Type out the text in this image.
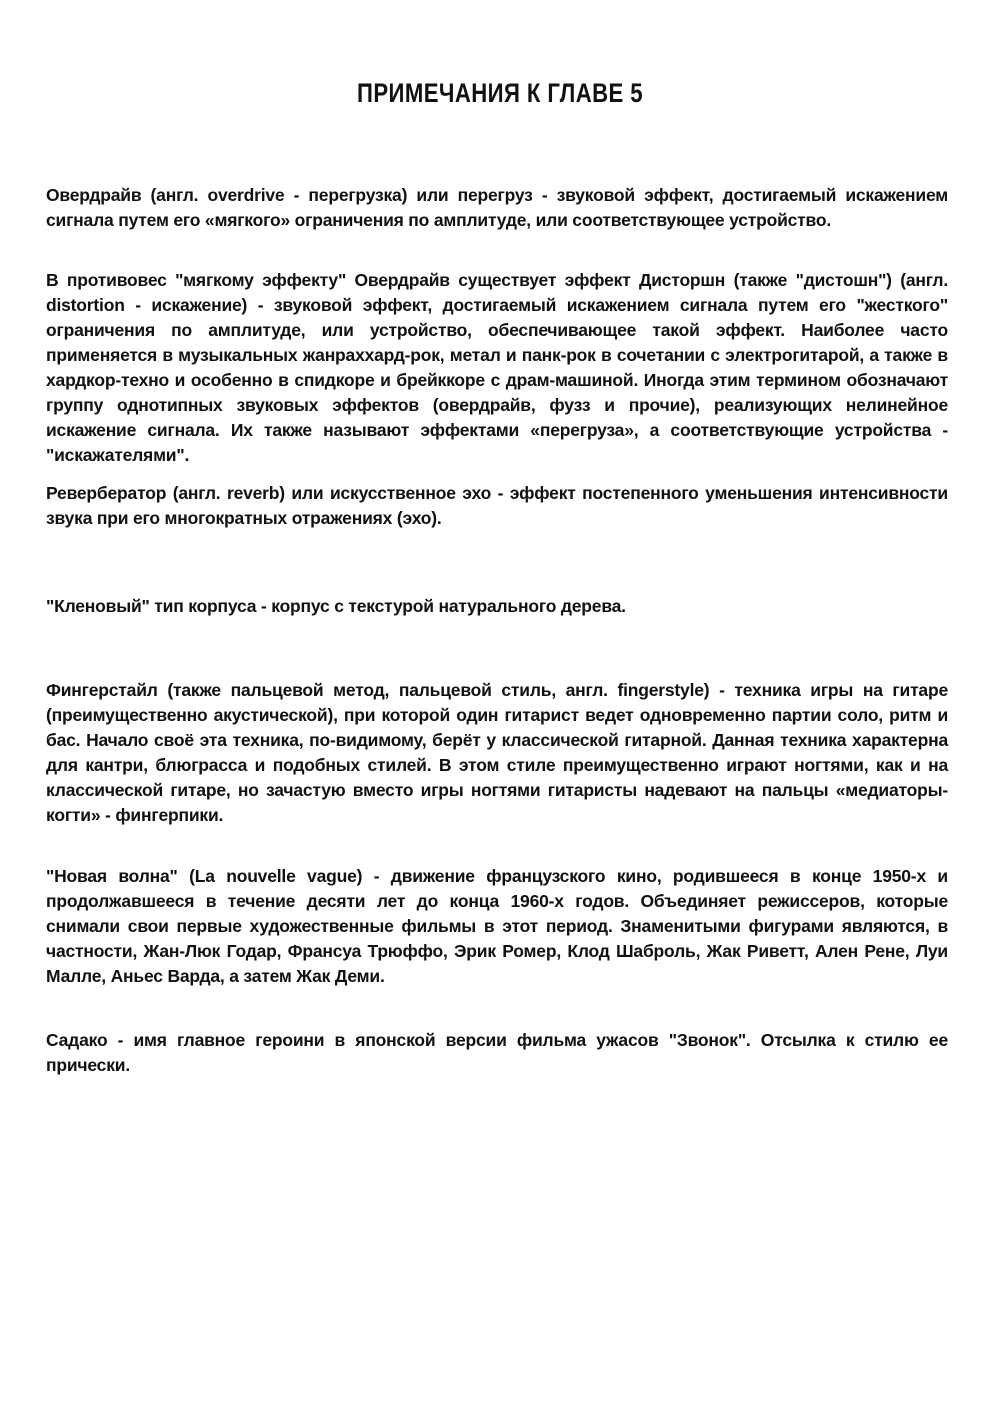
ПРИМЕЧАНИЯ К ГЛАВЕ 5

Овердрайв (англ. overdrive - перегрузка) или перегруз - звуковой эффект, достигаемый искажением сигнала путем его «мягкого» ограничения по амплитуде, или соответствующее устройство.

В противовес "мягкому эффекту" Овердрайв существует эффект Дисторшн (также "дистошн") (англ. distortion - искажение) - звуковой эффект, достигаемый искажением сигнала путем его "жесткого" ограничения по амплитуде, или устройство, обеспечивающее такой эффект. Наиболее часто применяется в музыкальных жанраххард-рок, метал и панк-рок в сочетании с электрогитарой, а также в хардкор-техно и особенно в спидкоре и брейккоре с драм-машиной. Иногда этим термином обозначают группу однотипных звуковых эффектов (овердрайв, фузз и прочие), реализующих нелинейное искажение сигнала. Их также называют эффектами «перегруза», а соответствующие устройства - "искажателями".

Ревербератор (англ. reverb) или искусственное эхо - эффект постепенного уменьшения интенсивности звука при его многократных отражениях (эхо).

"Кленовый" тип корпуса - корпус с текстурой натурального дерева.

Фингерстайл (также пальцевой метод, пальцевой стиль, англ. fingerstyle) - техника игры на гитаре (преимущественно акустической), при которой один гитарист ведет одновременно партии соло, ритм и бас. Начало своё эта техника, по-видимому, берёт у классической гитарной. Данная техника характерна для кантри, блюграсса и подобных стилей. В этом стиле преимущественно играют ногтями, как и на классической гитаре, но зачастую вместо игры ногтями гитаристы надевают на пальцы «медиаторы-когти» - фингерпики.

"Новая волна" (La nouvelle vague) - движение французского кино, родившееся в конце 1950-х и продолжавшееся в течение десяти лет до конца 1960-х годов. Объединяет режиссеров, которые снимали свои первые художественные фильмы в этот период. Знаменитыми фигурами являются, в частности, Жан-Люк Годар, Франсуа Трюффо, Эрик Ромер, Клод Шаброль, Жак Риветт, Ален Рене, Луи Малле, Аньес Варда, а затем Жак Деми.

Садако - имя главное героини в японской версии фильма ужасов "Звонок". Отсылка к стилю ее прически.
